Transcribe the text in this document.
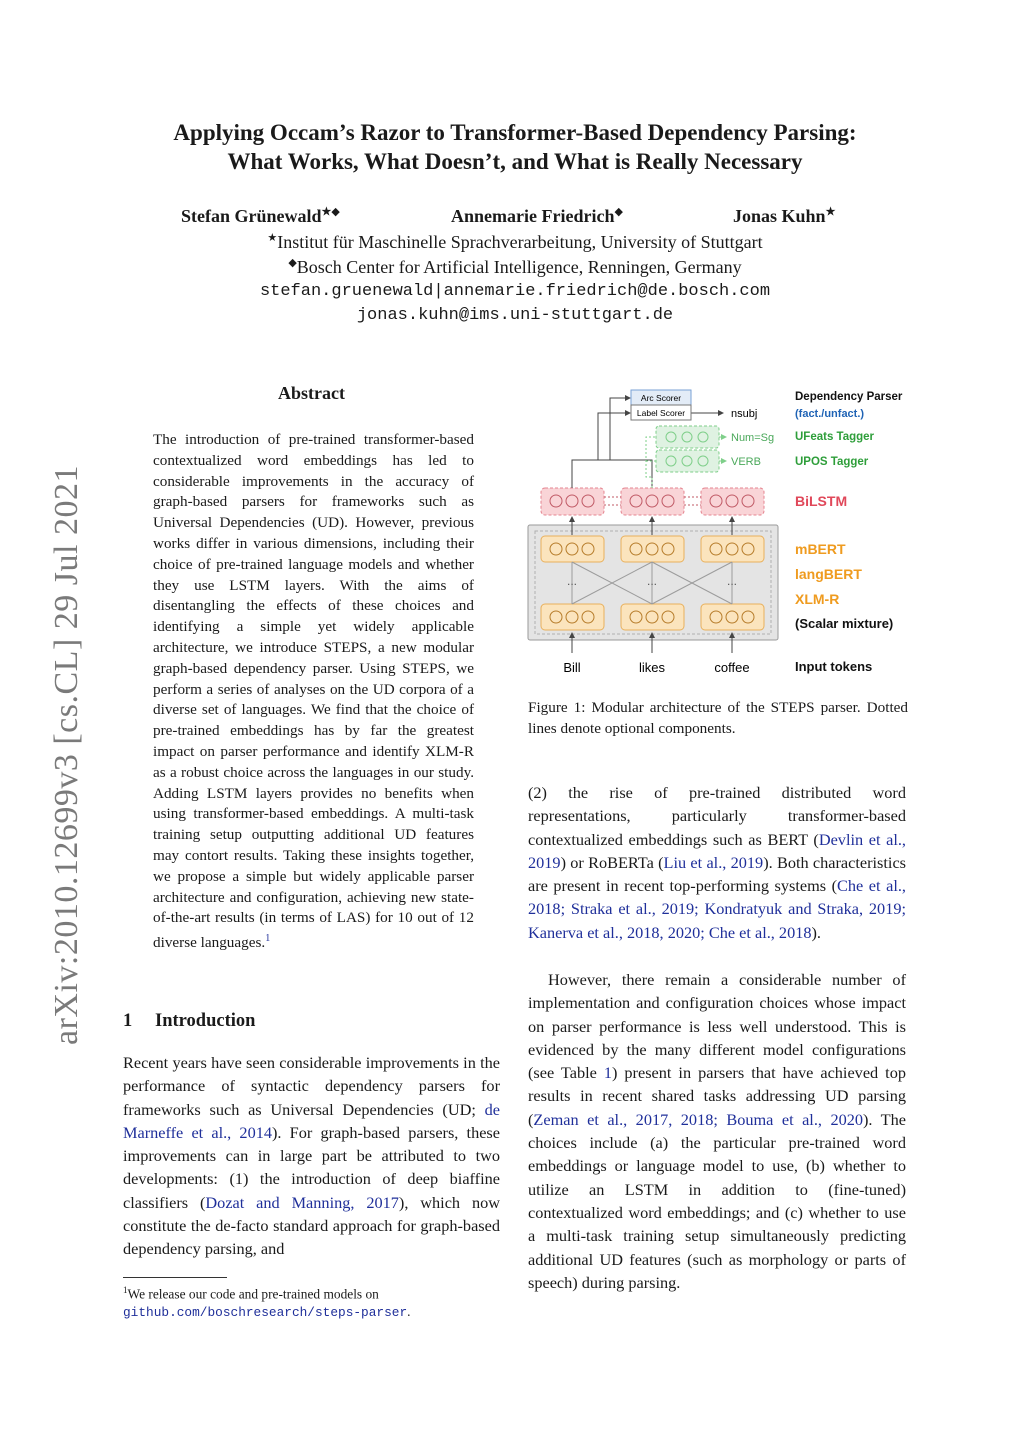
arXiv:2010.12699v3 [cs.CL] 29 Jul 2021
Applying Occam’s Razor to Transformer-Based Dependency Parsing:
What Works, What Doesn’t, and What is Really Necessary
Stefan Grünewald★◆	Annemarie Friedrich◆	Jonas Kuhn★
★Institut für Maschinelle Sprachverarbeitung, University of Stuttgart
◆Bosch Center for Artificial Intelligence, Renningen, Germany
stefan.gruenewald|annemarie.friedrich@de.bosch.com
jonas.kuhn@ims.uni-stuttgart.de
Abstract
The introduction of pre-trained transformer-based contextualized word embeddings has led to considerable improvements in the accuracy of graph-based parsers for frameworks such as Universal Dependencies (UD). However, previous works differ in various dimensions, including their choice of pre-trained language models and whether they use LSTM layers. With the aims of disentangling the effects of these choices and identifying a simple yet widely applicable architecture, we introduce STEPS, a new modular graph-based dependency parser. Using STEPS, we perform a series of analyses on the UD corpora of a diverse set of languages. We find that the choice of pre-trained embeddings has by far the greatest impact on parser performance and identify XLM-R as a robust choice across the languages in our study. Adding LSTM layers provides no benefits when using transformer-based embeddings. A multi-task training setup outputting additional UD features may contort results. Taking these insights together, we propose a simple but widely applicable parser architecture and configuration, achieving new state-of-the-art results (in terms of LAS) for 10 out of 12 diverse languages.$^1$
1 Introduction
Recent years have seen considerable improvements in the performance of syntactic dependency parsers for frameworks such as Universal Dependencies (UD; de Marneffe et al., 2014). For graph-based parsers, these improvements can in large part be attributed to two developments: (1) the introduction of deep biaffine classifiers (Dozat and Manning, 2017), which now constitute the de-facto standard approach for graph-based dependency parsing, and
$^1$We release our code and pre-trained models on
github.com/boschresearch/steps-parser.
...	...	...
Bill	likes	coffee
Arc Scorer
Label Scorer	nsubj
Num=Sg
VERB
Dependency Parser
(fact./unfact.)
UFeats Tagger
UPOS Tagger
BiLSTM
mBERT
langBERT
XLM-R
(Scalar mixture)
Input tokens
Figure 1: Modular architecture of the STEPS parser. Dotted lines denote optional components.
(2) the rise of pre-trained distributed word representations, particularly transformer-based contextualized embeddings such as BERT (Devlin et al., 2019) or RoBERTa (Liu et al., 2019). Both characteristics are present in recent top-performing systems (Che et al., 2018; Straka et al., 2019; Kondratyuk and Straka, 2019; Kanerva et al., 2018, 2020; Che et al., 2018).
However, there remain a considerable number of implementation and configuration choices whose impact on parser performance is less well understood. This is evidenced by the many different model configurations (see Table 1) present in parsers that have achieved top results in recent shared tasks addressing UD parsing (Zeman et al., 2017, 2018; Bouma et al., 2020). The choices include (a) the particular pre-trained word embeddings or language model to use, (b) whether to utilize an LSTM in addition to (fine-tuned) contextualized word embeddings; and (c) whether to use a multi-task training setup simultaneously predicting additional UD features (such as morphology or parts of speech) during parsing.
